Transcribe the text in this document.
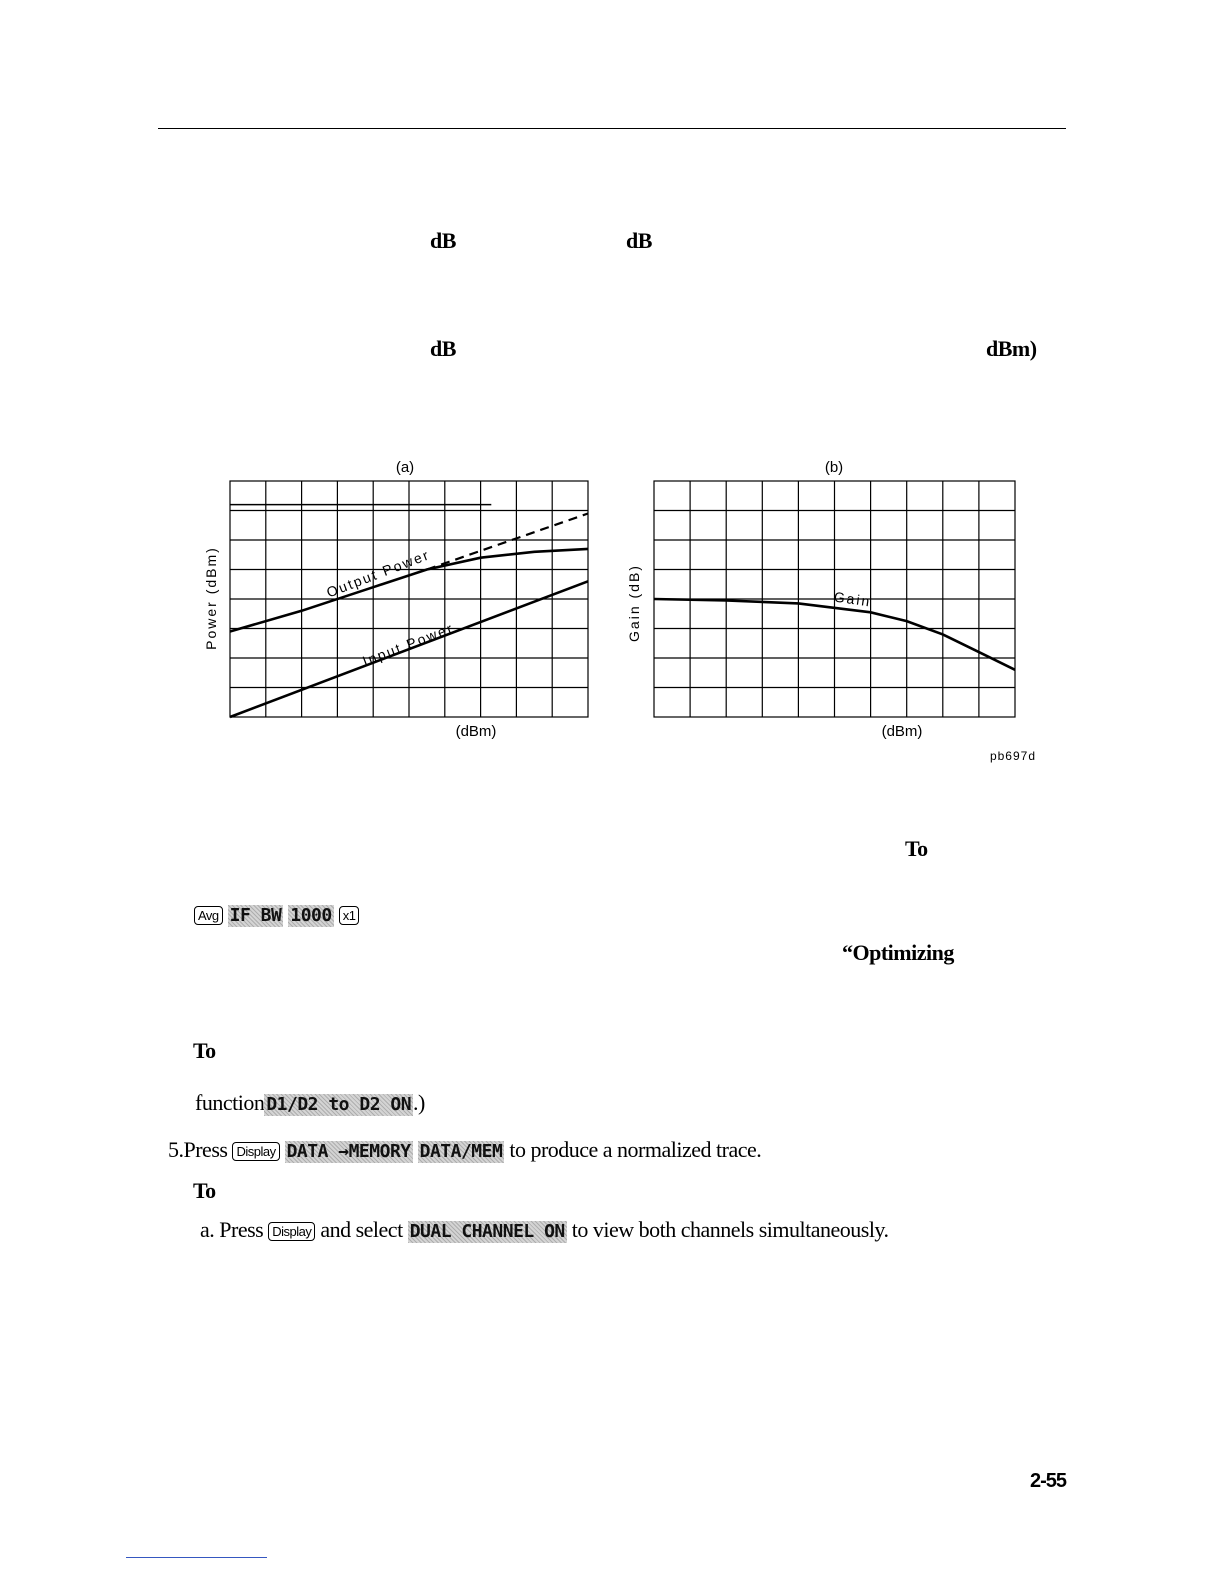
dB	dB
dB	dBm)
(a)
Power (dBm)
(dBm)
Output Power
Input Power
(b)
Gain (dB)
(dBm)
Gain
pb697d
To
Avg IF BW 1000 x1
“Optimizing
To
function D1/D2 to D2 ON.)
5.Press Display DATA →MEMORY DATA/MEM to produce a normalized trace.
To
a. Press Display and select DUAL CHANNEL ON to view both channels simultaneously.
2-55
